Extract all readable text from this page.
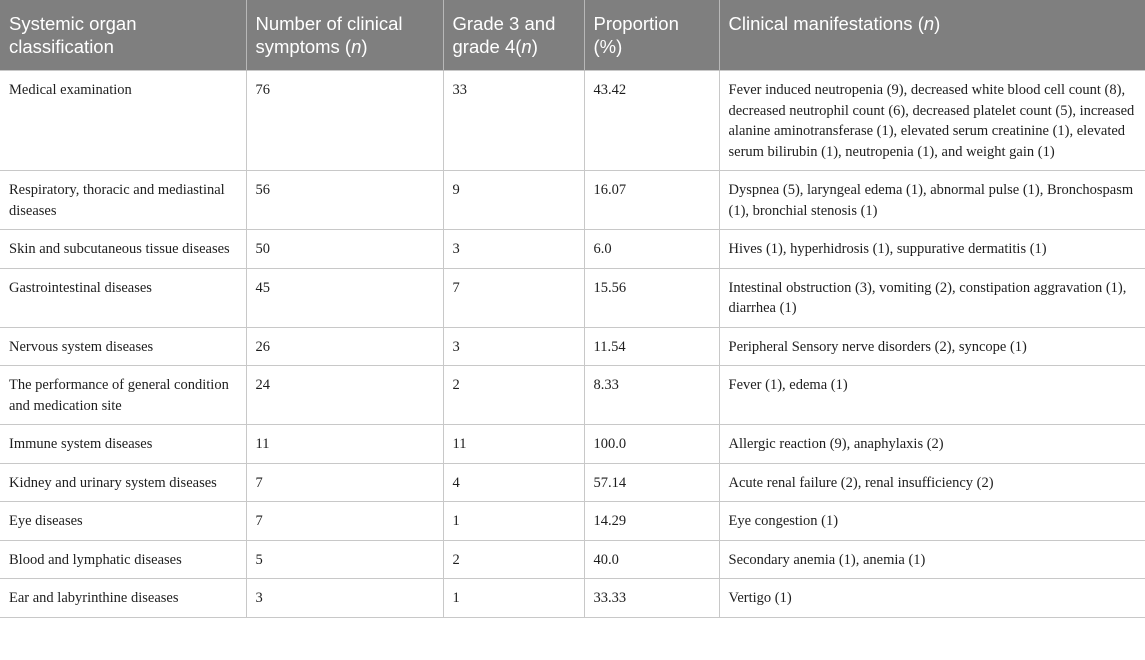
Systemic organ classification	Number of clinical symptoms (n)	Grade 3 and grade 4(n)	Proportion (%)	Clinical manifestations (n)
Medical examination	76	33	43.42	Fever induced neutropenia (9), decreased white blood cell count (8), decreased neutrophil count (6), decreased platelet count (5), increased alanine aminotransferase (1), elevated serum creatinine (1), elevated serum bilirubin (1), neutropenia (1), and weight gain (1)
Respiratory, thoracic and mediastinal diseases	56	9	16.07	Dyspnea (5), laryngeal edema (1), abnormal pulse (1), Bronchospasm (1), bronchial stenosis (1)
Skin and subcutaneous tissue diseases	50	3	6.0	Hives (1), hyperhidrosis (1), suppurative dermatitis (1)
Gastrointestinal diseases	45	7	15.56	Intestinal obstruction (3), vomiting (2), constipation aggravation (1), diarrhea (1)
Nervous system diseases	26	3	11.54	Peripheral Sensory nerve disorders (2), syncope (1)
The performance of general condition and medication site	24	2	8.33	Fever (1), edema (1)
Immune system diseases	11	11	100.0	Allergic reaction (9), anaphylaxis (2)
Kidney and urinary system diseases	7	4	57.14	Acute renal failure (2), renal insufficiency (2)
Eye diseases	7	1	14.29	Eye congestion (1)
Blood and lymphatic diseases	5	2	40.0	Secondary anemia (1), anemia (1)
Ear and labyrinthine diseases	3	1	33.33	Vertigo (1)
